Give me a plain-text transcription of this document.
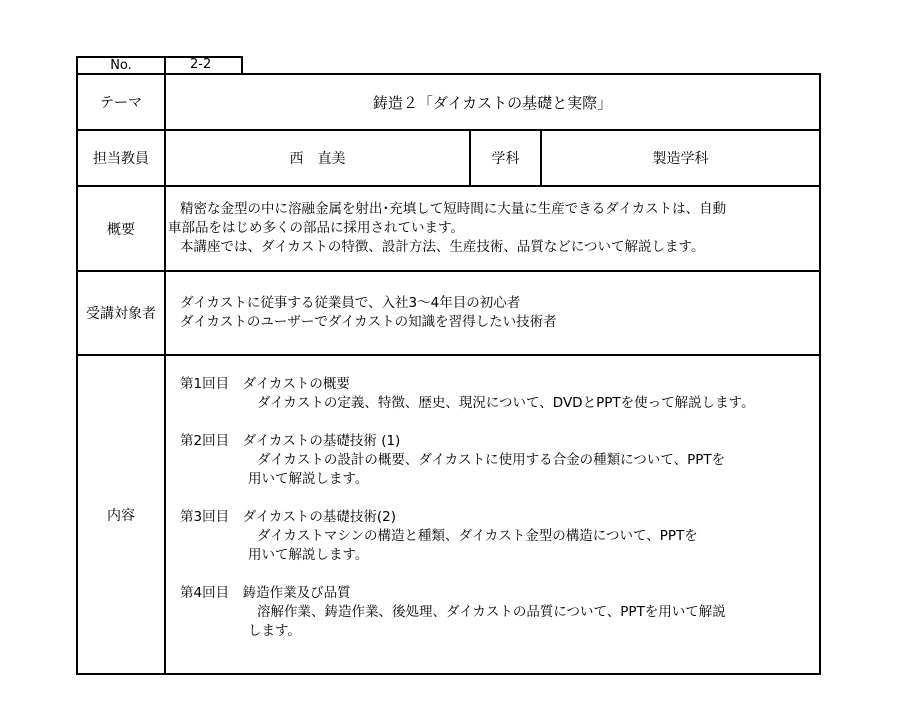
No.	2-2
テーマ	鋳造２「ダイカストの基礎と実際」
担当教員	西　直美	学科	製造学科
概要
精密な金型の中に溶融金属を射出･充填して短時間に大量に生産できるダイカストは、自動
車部品をはじめ多くの部品に採用されています。
本講座では、ダイカストの特徴、設計方法、生産技術、品質などについて解説します。
受講対象者
ダイカストに従事する従業員で、入社3～4年目の初心者
ダイカストのユーザーでダイカストの知識を習得したい技術者
内容
第1回目　ダイカストの概要
ダイカストの定義、特徴、歴史、現況について、DVDとPPTを使って解説します。
第2回目　ダイカストの基礎技術 (1)
ダイカストの設計の概要、ダイカストに使用する合金の種類について、PPTを
用いて解説します。
第3回目　ダイカストの基礎技術(2)
ダイカストマシンの構造と種類、ダイカスト金型の構造について、PPTを
用いて解説します。
第4回目　鋳造作業及び品質
溶解作業、鋳造作業、後処理、ダイカストの品質について、PPTを用いて解説
します。
